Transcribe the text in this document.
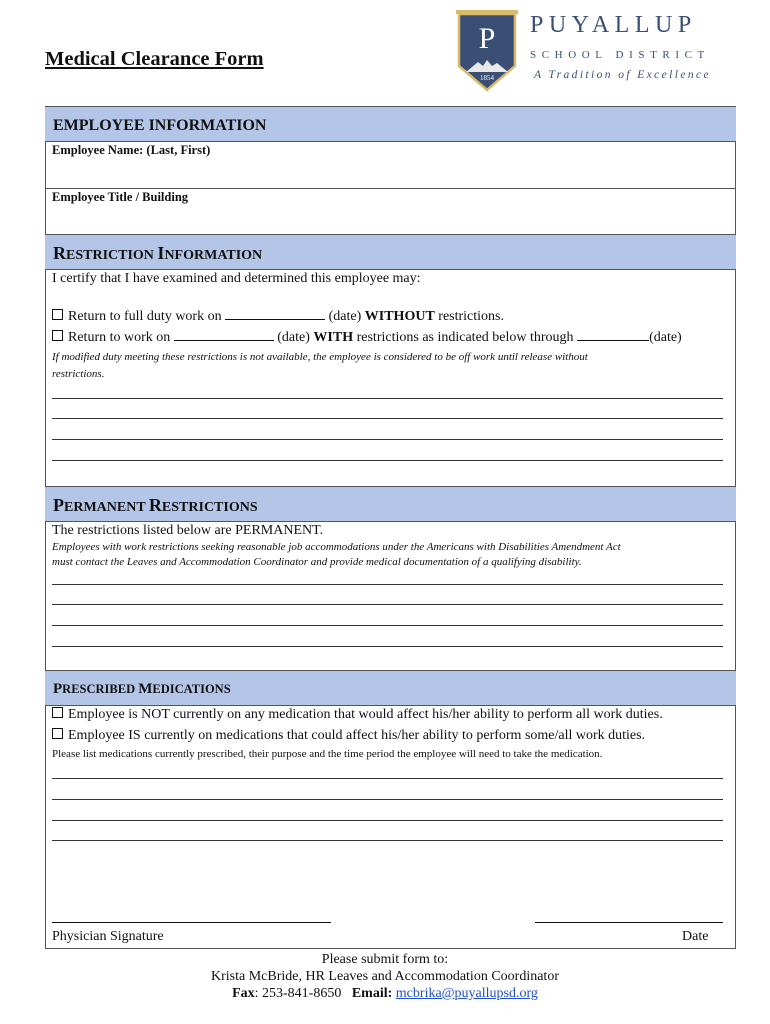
Medical Clearance Form
P
1854
PUYALLUP
SCHOOL DISTRICT
A Tradition of Excellence
EMPLOYEE INFORMATION
Employee Name: (Last, First)
Employee Title / Building
RESTRICTION INFORMATION
I certify that I have examined and determined this employee may:
Return to full duty work on	(date) WITHOUT restrictions.
Return to work on	(date) WITH restrictions as indicated below through	(date)
If modified duty meeting these restrictions is not available, the employee is considered to be off work until release without
restrictions.
PERMANENT RESTRICTIONS
The restrictions listed below are PERMANENT.
Employees with work restrictions seeking reasonable job accommodations under the Americans with Disabilities Amendment Act
must contact the Leaves and Accommodation Coordinator and provide medical documentation of a qualifying disability.
PRESCRIBED MEDICATIONS
Employee is NOT currently on any medication that would affect his/her ability to perform all work duties.
Employee IS currently on medications that could affect his/her ability to perform some/all work duties.
Please list medications currently prescribed, their purpose and the time period the employee will need to take the medication.
Physician Signature	Date
Please submit form to:
Krista McBride, HR Leaves and Accommodation Coordinator
Fax: 253-841-8650 Email: mcbrika@puyallupsd.org
